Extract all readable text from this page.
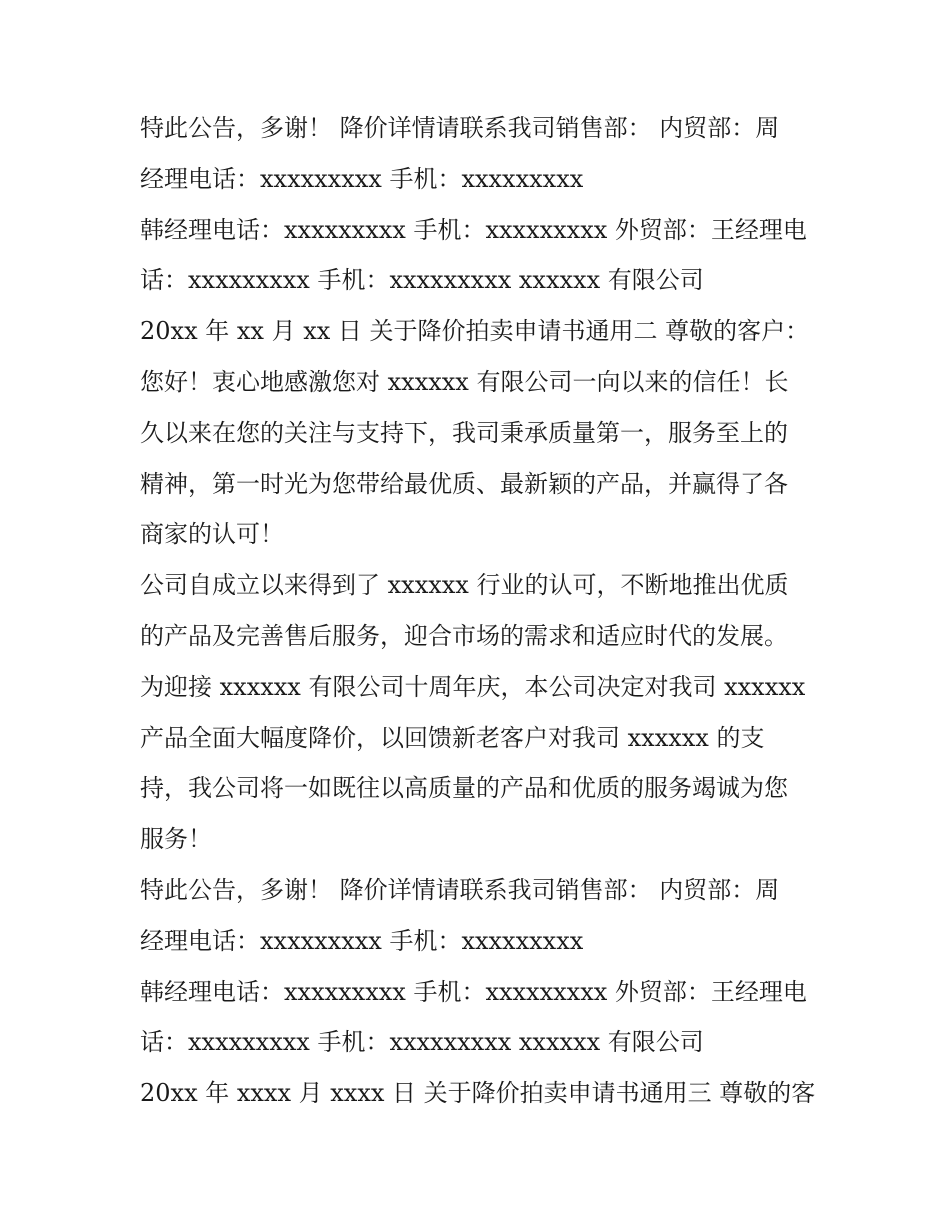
特此公告，多谢！ 降价详情请联系我司销售部： 内贸部：周
经理电话：xxxxxxxxx 手机：xxxxxxxxx
韩经理电话：xxxxxxxxx 手机：xxxxxxxxx 外贸部：王经理电
话：xxxxxxxxx 手机：xxxxxxxxx xxxxxx 有限公司
20xx 年 xx 月 xx 日 关于降价拍卖申请书通用二 尊敬的客户：
您好！衷心地感激您对 xxxxxx 有限公司一向以来的信任！长
久以来在您的关注与支持下，我司秉承质量第一，服务至上的
精神，第一时光为您带给最优质、最新颖的产品，并赢得了各
商家的认可！
公司自成立以来得到了 xxxxxx 行业的认可，不断地推出优质
的产品及完善售后服务，迎合市场的需求和适应时代的发展。
为迎接 xxxxxx 有限公司十周年庆，本公司决定对我司 xxxxxx
产品全面大幅度降价，以回馈新老客户对我司 xxxxxx 的支
持，我公司将一如既往以高质量的产品和优质的服务竭诚为您
服务！
特此公告，多谢！ 降价详情请联系我司销售部： 内贸部：周
经理电话：xxxxxxxxx 手机：xxxxxxxxx
韩经理电话：xxxxxxxxx 手机：xxxxxxxxx 外贸部：王经理电
话：xxxxxxxxx 手机：xxxxxxxxx xxxxxx 有限公司
20xx 年 xxxx 月 xxxx 日 关于降价拍卖申请书通用三 尊敬的客
